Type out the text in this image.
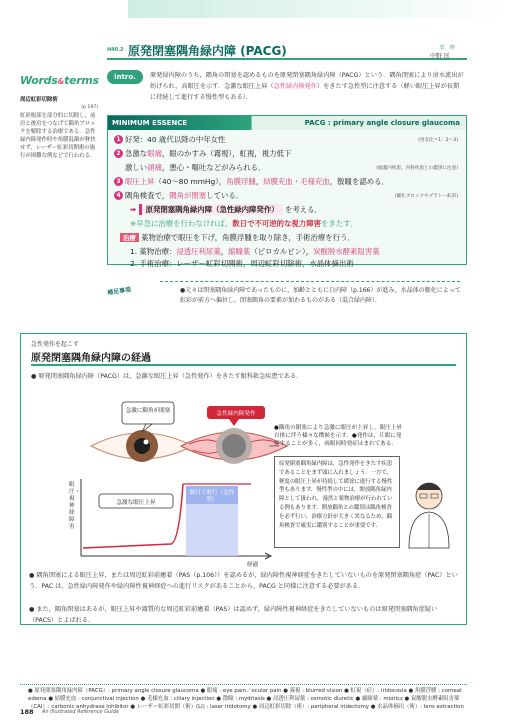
H40.2 原発閉塞隅角緑内障 (PACG)	監　修
中野 匡
Words&terms
周辺虹彩切除術
(p.197)
虹彩根部を部分的に切除し，前房と後房をつなげて隅角ブロックを解除する治療である．急性緑内障発作時や角膜混濁が軽快せず，レーザー虹彩切開術の施行が困難な例などで行われる．
intro.	原発緑内障のうち，隅角の閉塞を認めるものを原発閉塞隅角緑内障（PACG）という．隅角閉塞により房水流出が妨げられ，高眼圧を示す．急激な眼圧上昇（急性緑内障発作）をきたす急性型に注意する（軽い眼圧上昇が長期に持続して進行する慢性型もある）．
MINIMUM ESSENCE	PACG : primary angle closure glaucoma
1 好発：40 歳代以降の中年女性	(男女比＝1：2〜3)
2 急激な眼痛，眼のかすみ（霧視），虹視，視力低下
激しい頭痛，悪心・嘔吐などがみられる．	(頭蓋内疾患，内科疾患との鑑別に注意)
3 眼圧上昇（40〜80 mmHg），角膜浮腫，結膜充血・毛様充血，散瞳を認める．
4 隅角検査で，隅角が閉塞している．	(瞳孔ブロックやプラトー虹彩)
➡ 原発閉塞隅角緑内障（急性緑内障発作） を考える．
※早急に治療を行わなければ，数日で不可逆的な視力障害をきたす．
治療 薬物治療で眼圧を下げ，角膜浮腫を取り除き，手術治療を行う．
1. 薬物治療：浸透圧利尿薬，縮瞳薬（ピロカルピン），炭酸脱水酵素阻害薬
2. 手術治療：レーザー虹彩切開術，周辺虹彩切除術，水晶体摘出術
補足事項	●元々は閉塞隅角緑内障であったものに，加齢とともに白内障（p.166）が進み，水晶体の膨化によって虹彩が前方へ偏位し，閉塞隅角の要素が加わるものがある（混合緑内障）．
急性発作を起こす
原発閉塞隅角緑内障の経過
● 原発閉塞隅角緑内障（PACG）は，急激な眼圧上昇（急性発作）をきたす眼科救急疾患である．
急激に隅角が閉塞	急性緑内障発作
●隅角の閉塞により急激に眼圧が上昇し，眼圧上昇自体に伴う様々な徴候を示す．●発作は，片眼に発症することが多く，両眼同時発症はまれである．
眼圧・視神経障害
経過
急激な眼圧上昇
数日で進行（急性型）
原発閉塞隅角緑内障は，急性発作をきたす疾患であることをまず頭に入れましょう．一方で，軽度の眼圧上昇が持続して緩徐に進行する慢性型もあります．慢性型の中には，開放隅角緑内障として扱われ，漫然と薬物治療が行われている例もあります．開放隅角との鑑別は隅角検査を必ず行い，治療方針が大きく異なるため，隅角検査で確実に鑑別することが重要です．
● 隅角閉塞による眼圧上昇，または周辺虹彩前癒着（PAS（p.106））を認めるが，緑内障性視神経症をきたしていないものを原発閉塞隅角症（PAC）という．PAC は，急性緑内障発作や緑内障性視神経症への進行リスクがあることから，PACG と同様に注意する必要がある．
● また，隅角閉塞はあるが，眼圧上昇や器質的な周辺虹彩前癒着（PAS）は認めず，緑内障性視神経症をきたしていないものは原発閉塞隅角症疑い（PACS）とよばれる．
● 原発閉塞隅角緑内障（PACG）: primary angle closure glaucoma ● 眼痛 : eye pain／ocular pain ● 霧視 : blurred vision ● 虹視（症）: iridocosia ● 角膜浮腫 : corneal edema ● 結膜充血 : conjunctival injection ● 毛様充血 : ciliary injection ● 散瞳 : mydriasis ● 浸透圧利尿薬 : osmotic diuretic ● 縮瞳薬 : miotics ● 炭酸脱水酵素阻害薬（CAI）: carbonic anhydrase inhibitor ● レーザー虹彩切開（術）(LI) : laser iridotomy ● 周辺虹彩切除（術）: peripheral iridectomy ● 水晶体摘出（術）: lens extraction
188 An Illustrated Reference Guide
